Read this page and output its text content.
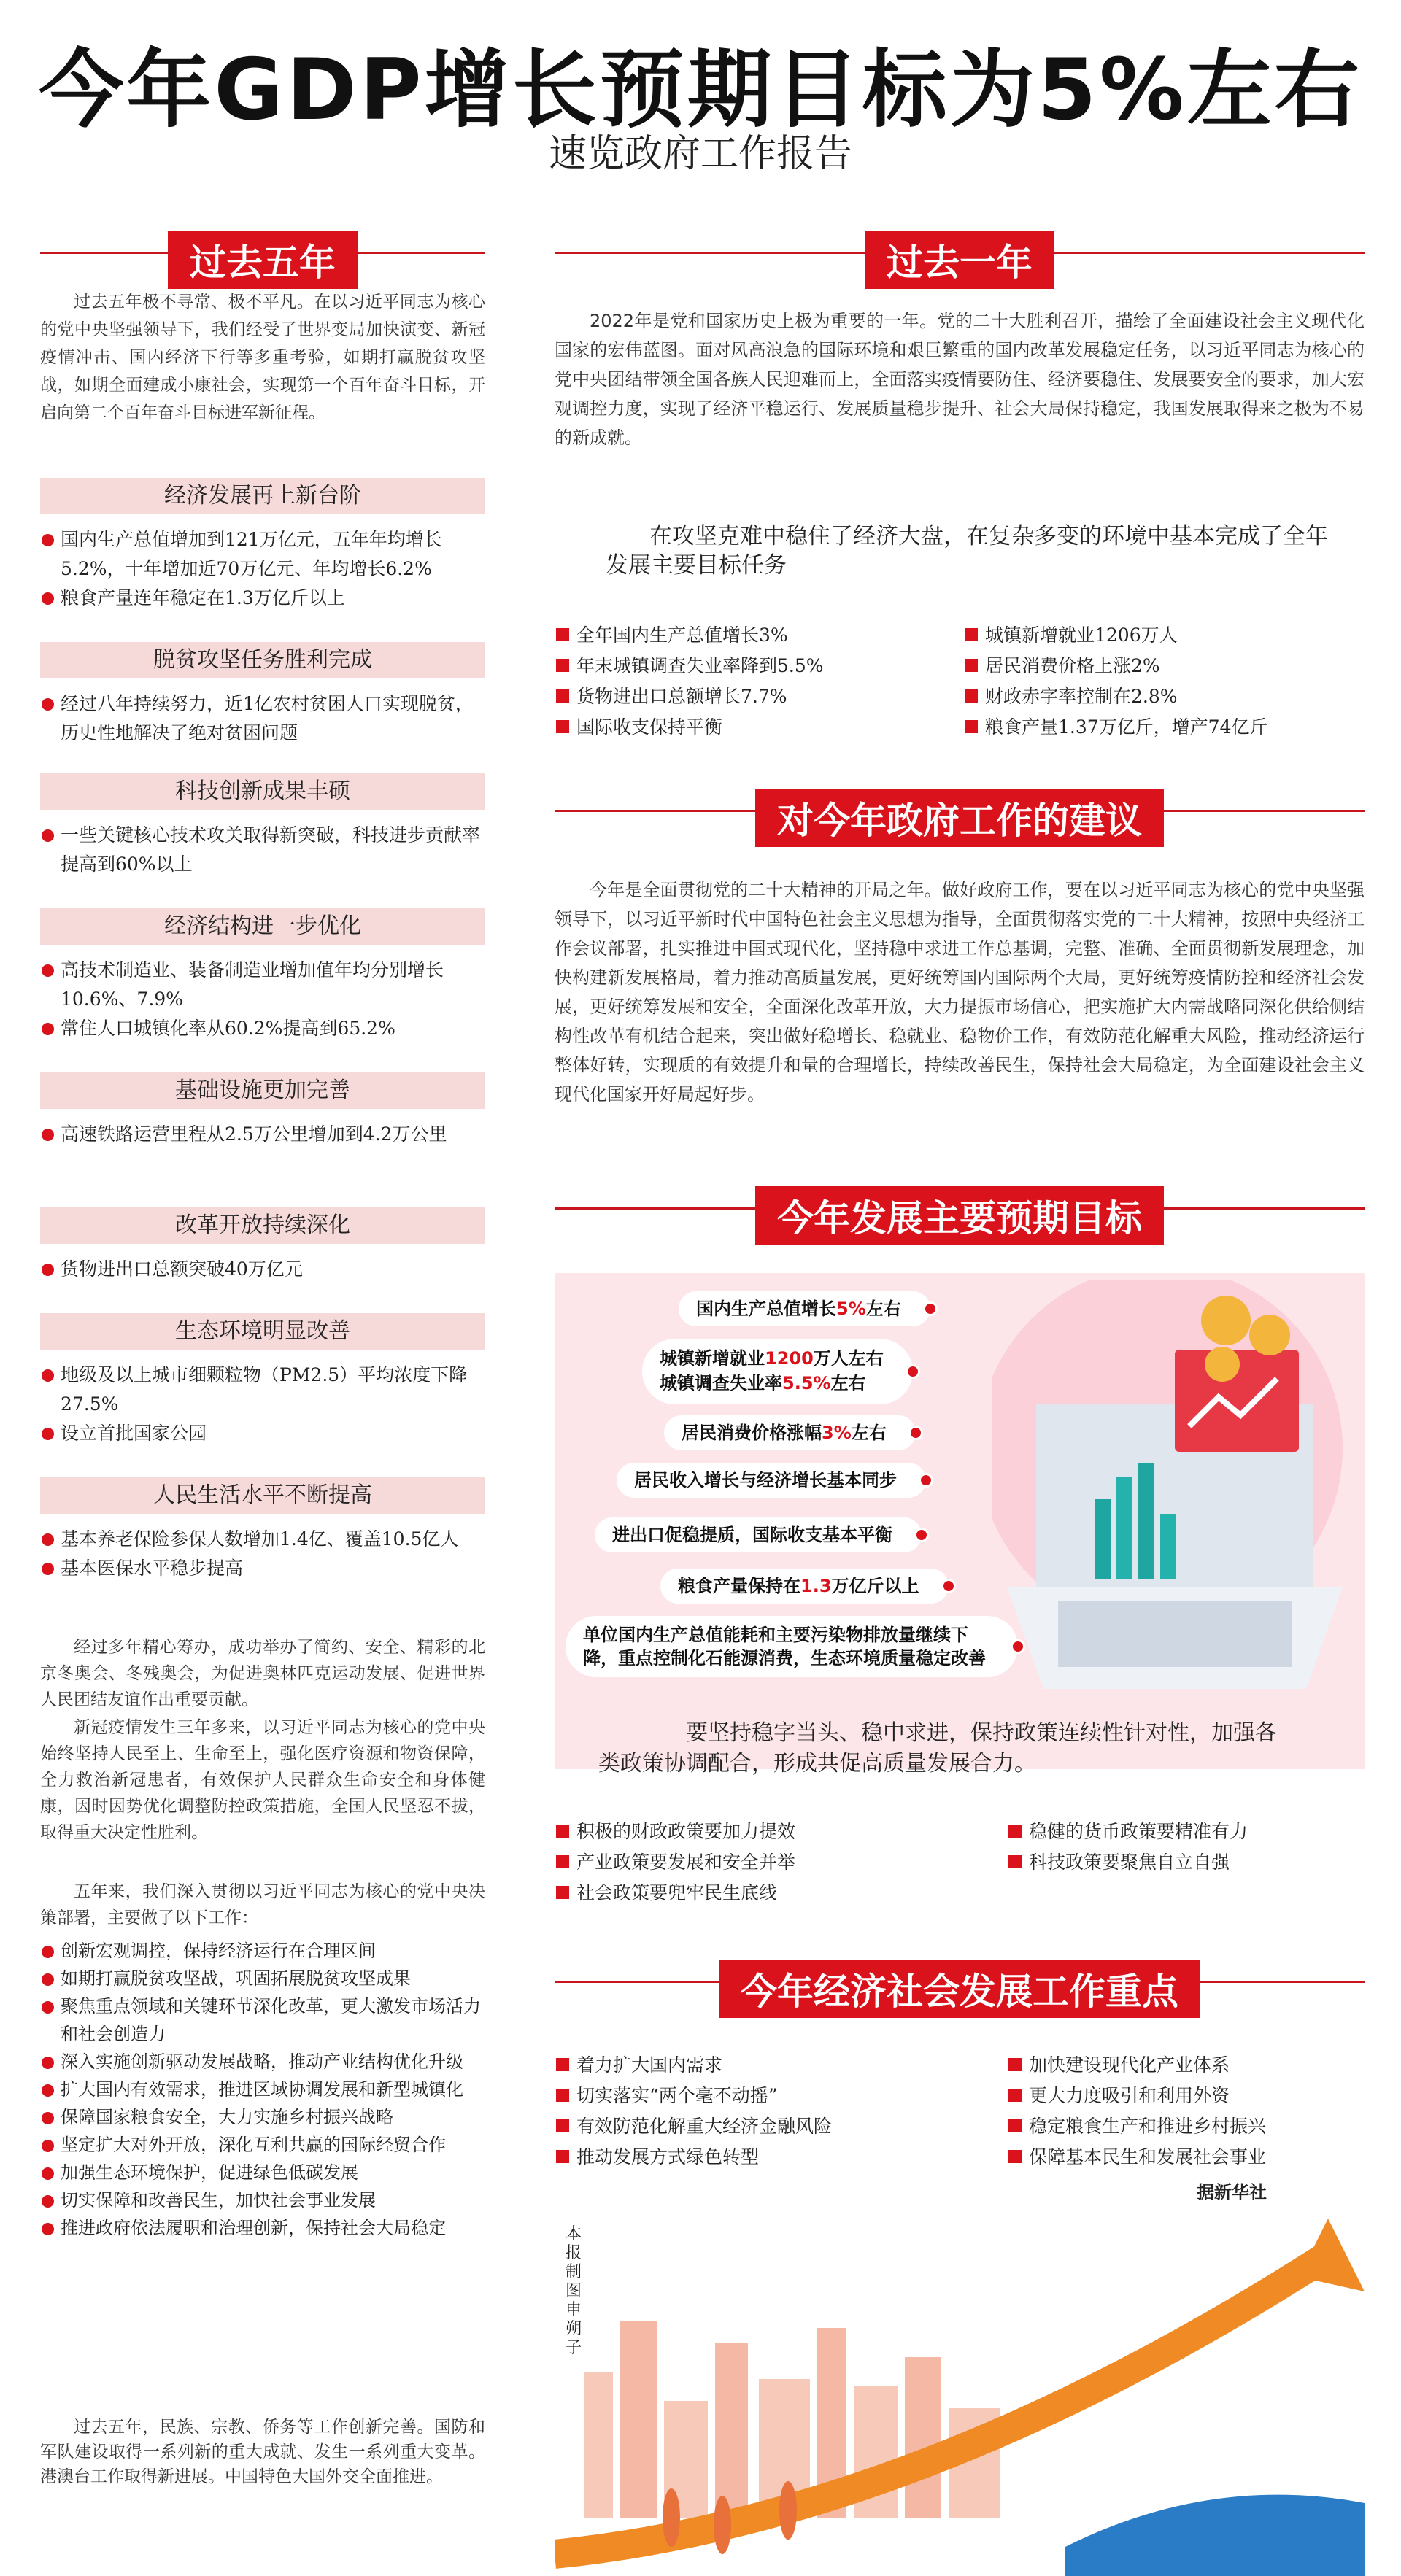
今年GDP增长预期目标为5%左右
速览政府工作报告
过去五年
过去五年极不寻常、极不平凡。在以习近平同志为核心的党中央坚强领导下，我们经受了世界变局加快演变、新冠疫情冲击、国内经济下行等多重考验，如期打赢脱贫攻坚战，如期全面建成小康社会，实现第一个百年奋斗目标，开启向第二个百年奋斗目标进军新征程。
经济发展再上新台阶
国内生产总值增加到121万亿元，五年年均增长5.2%，十年增加近70万亿元、年均增长6.2%
粮食产量连年稳定在1.3万亿斤以上
脱贫攻坚任务胜利完成
经过八年持续努力，近1亿农村贫困人口实现脱贫，历史性地解决了绝对贫困问题
科技创新成果丰硕
一些关键核心技术攻关取得新突破，科技进步贡献率提高到60%以上
经济结构进一步优化
高技术制造业、装备制造业增加值年均分别增长10.6%、7.9%
常住人口城镇化率从60.2%提高到65.2%
基础设施更加完善
高速铁路运营里程从2.5万公里增加到4.2万公里
改革开放持续深化
货物进出口总额突破40万亿元
生态环境明显改善
地级及以上城市细颗粒物（PM2.5）平均浓度下降27.5%
设立首批国家公园
人民生活水平不断提高
基本养老保险参保人数增加1.4亿、覆盖10.5亿人
基本医保水平稳步提高
经过多年精心筹办，成功举办了简约、安全、精彩的北京冬奥会、冬残奥会，为促进奥林匹克运动发展、促进世界人民团结友谊作出重要贡献。
新冠疫情发生三年多来，以习近平同志为核心的党中央始终坚持人民至上、生命至上，强化医疗资源和物资保障，全力救治新冠患者，有效保护人民群众生命安全和身体健康，因时因势优化调整防控政策措施，全国人民坚忍不拔，取得重大决定性胜利。
五年来，我们深入贯彻以习近平同志为核心的党中央决策部署，主要做了以下工作：
创新宏观调控，保持经济运行在合理区间
如期打赢脱贫攻坚战，巩固拓展脱贫攻坚成果
聚焦重点领域和关键环节深化改革，更大激发市场活力和社会创造力
深入实施创新驱动发展战略，推动产业结构优化升级
扩大国内有效需求，推进区域协调发展和新型城镇化
保障国家粮食安全，大力实施乡村振兴战略
坚定扩大对外开放，深化互利共赢的国际经贸合作
加强生态环境保护，促进绿色低碳发展
切实保障和改善民生，加快社会事业发展
推进政府依法履职和治理创新，保持社会大局稳定
过去五年，民族、宗教、侨务等工作创新完善。国防和军队建设取得一系列新的重大成就、发生一系列重大变革。港澳台工作取得新进展。中国特色大国外交全面推进。
过去一年
2022年是党和国家历史上极为重要的一年。党的二十大胜利召开，描绘了全面建设社会主义现代化国家的宏伟蓝图。面对风高浪急的国际环境和艰巨繁重的国内改革发展稳定任务，以习近平同志为核心的党中央团结带领全国各族人民迎难而上，全面落实疫情要防住、经济要稳住、发展要安全的要求，加大宏观调控力度，实现了经济平稳运行、发展质量稳步提升、社会大局保持稳定，我国发展取得来之极为不易的新成就。
在攻坚克难中稳住了经济大盘，在复杂多变的环境中基本完成了全年发展主要目标任务
全年国内生产总值增长3%
年末城镇调查失业率降到5.5%
货物进出口总额增长7.7%
国际收支保持平衡
城镇新增就业1206万人
居民消费价格上涨2%
财政赤字率控制在2.8%
粮食产量1.37万亿斤，增产74亿斤
对今年政府工作的建议
今年是全面贯彻党的二十大精神的开局之年。做好政府工作，要在以习近平同志为核心的党中央坚强领导下，以习近平新时代中国特色社会主义思想为指导，全面贯彻落实党的二十大精神，按照中央经济工作会议部署，扎实推进中国式现代化，坚持稳中求进工作总基调，完整、准确、全面贯彻新发展理念，加快构建新发展格局，着力推动高质量发展，更好统筹国内国际两个大局，更好统筹疫情防控和经济社会发展，更好统筹发展和安全，全面深化改革开放，大力提振市场信心，把实施扩大内需战略同深化供给侧结构性改革有机结合起来，突出做好稳增长、稳就业、稳物价工作，有效防范化解重大风险，推动经济运行整体好转，实现质的有效提升和量的合理增长，持续改善民生，保持社会大局稳定，为全面建设社会主义现代化国家开好局起好步。
今年发展主要预期目标
国内生产总值增长5%左右
城镇新增就业1200万人左右
城镇调查失业率5.5%左右
居民消费价格涨幅3%左右
居民收入增长与经济增长基本同步
进出口促稳提质，国际收支基本平衡
粮食产量保持在1.3万亿斤以上
单位国内生产总值能耗和主要污染物排放量继续下降，重点控制化石能源消费，生态环境质量稳定改善
要坚持稳字当头、稳中求进，保持政策连续性针对性，加强各类政策协调配合，形成共促高质量发展合力。
积极的财政政策要加力提效
产业政策要发展和安全并举
社会政策要兜牢民生底线
稳健的货币政策要精准有力
科技政策要聚焦自立自强
今年经济社会发展工作重点
着力扩大国内需求
切实落实“两个毫不动摇”
有效防范化解重大经济金融风险
推动发展方式绿色转型
加快建设现代化产业体系
更大力度吸引和利用外资
稳定粮食生产和推进乡村振兴
保障基本民生和发展社会事业
据新华社
本报制图 申朔子
